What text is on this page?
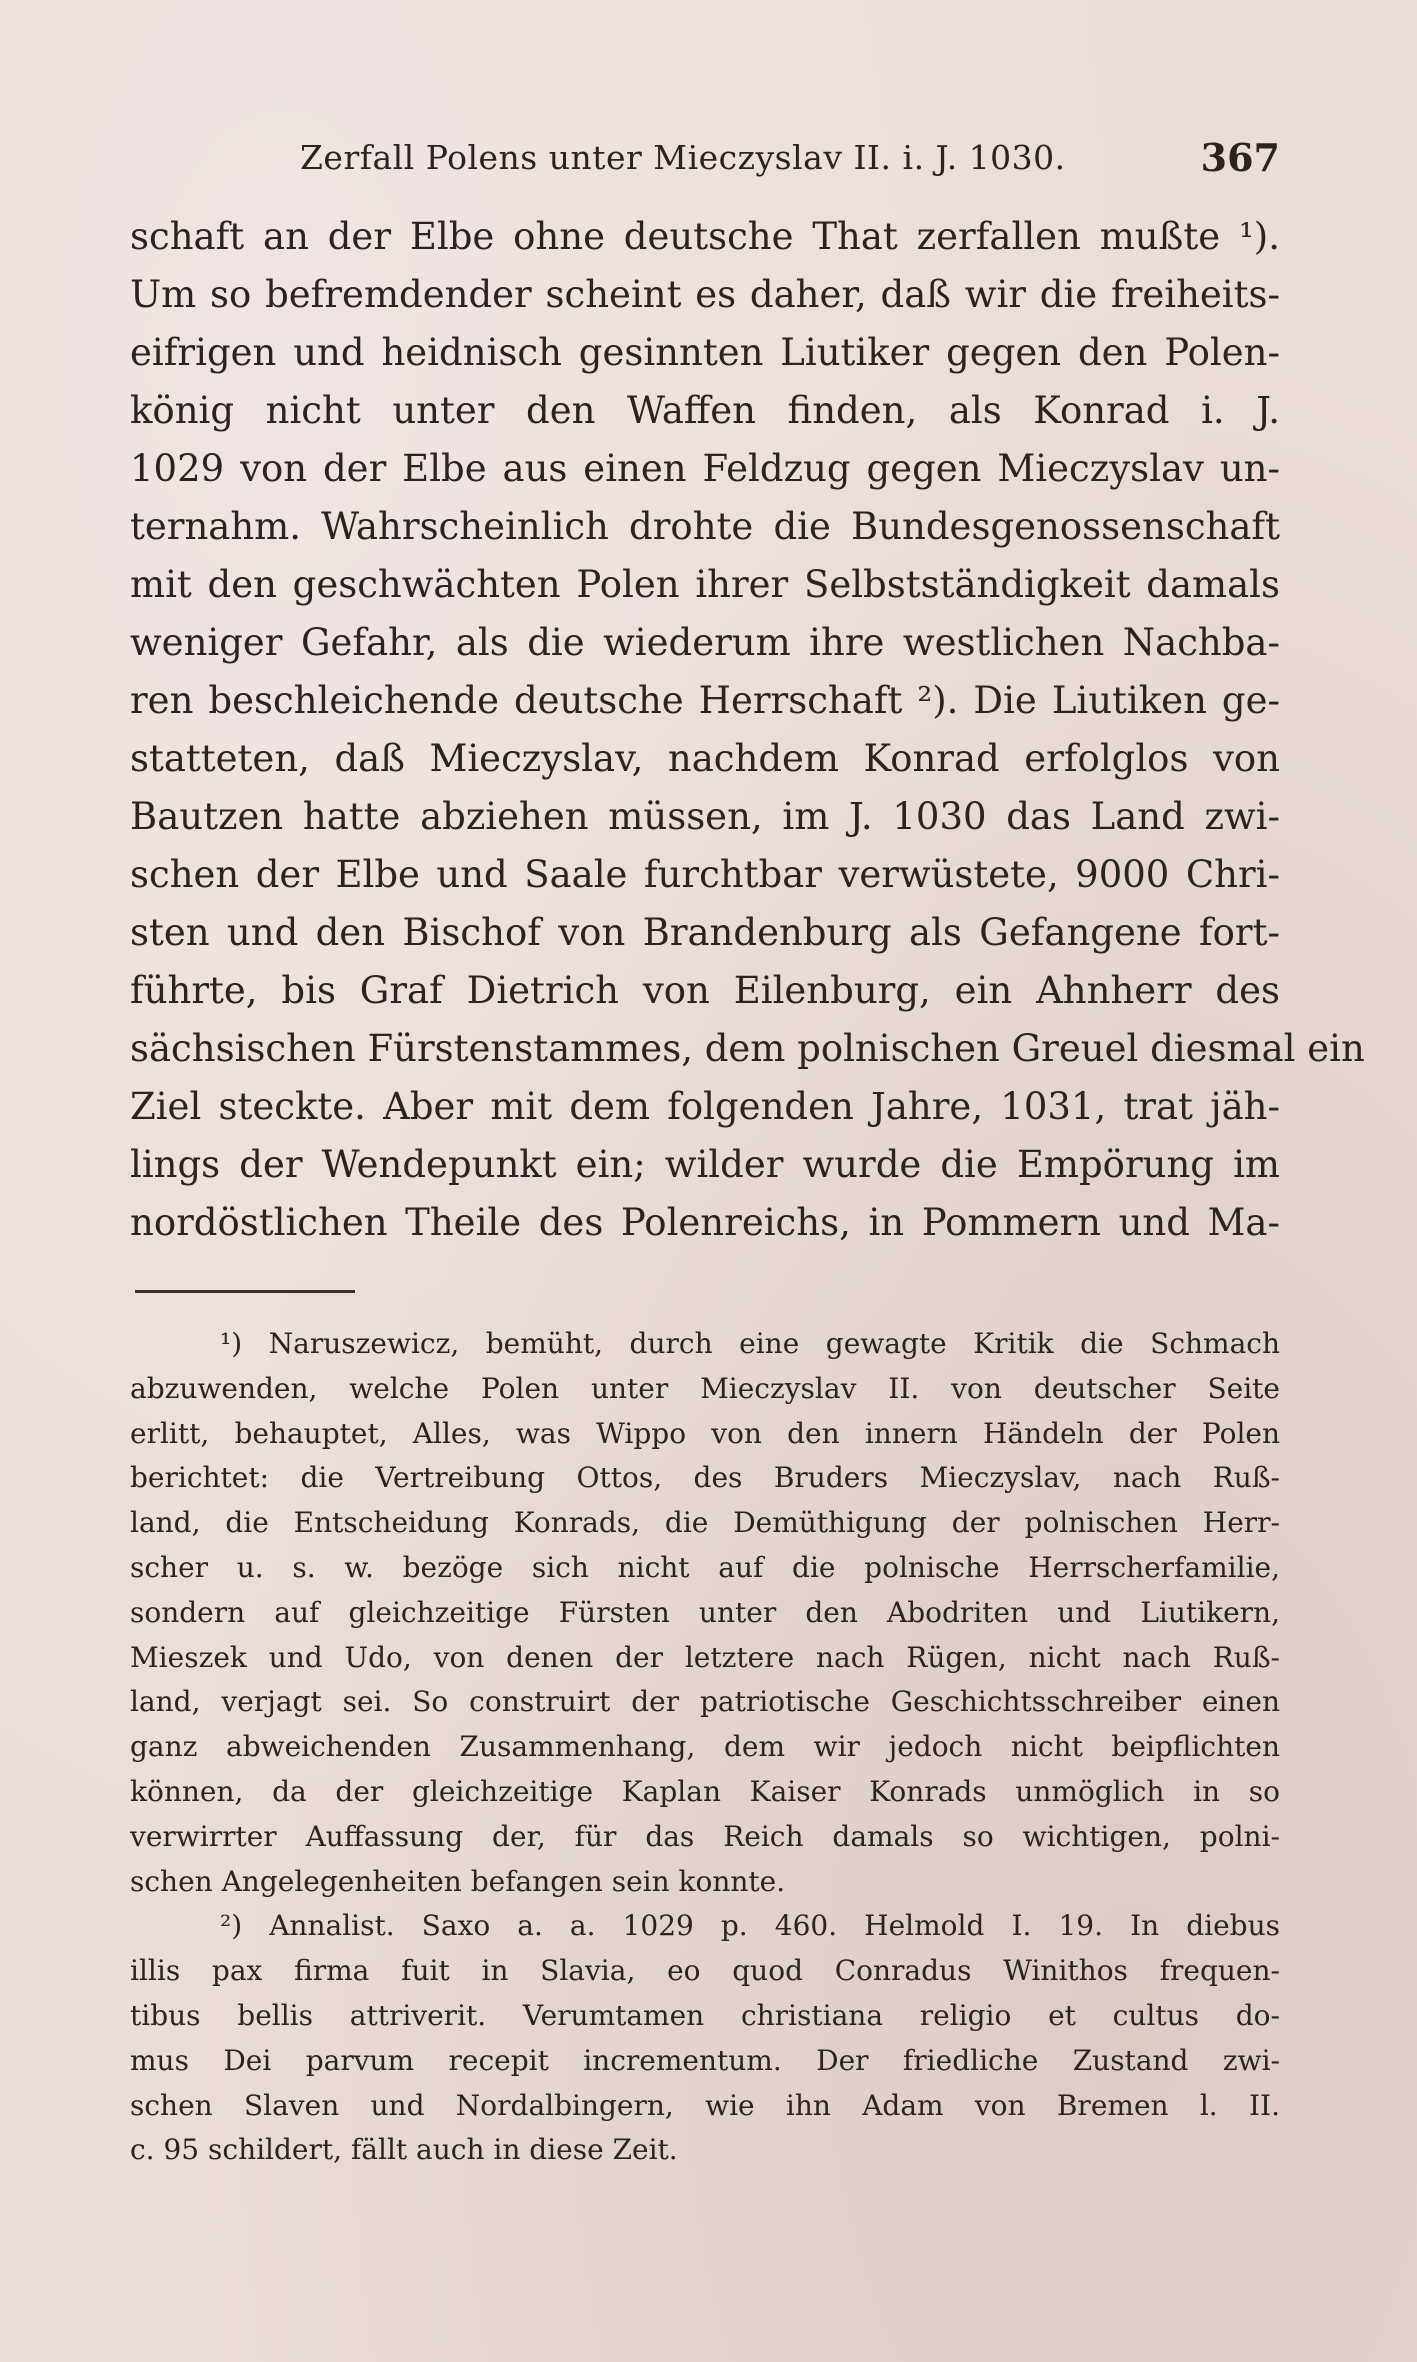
Zerfall Polens unter Mieczyslav II. i. J. 1030.	367
schaft an der Elbe ohne deutsche That zerfallen mußte ¹).
Um so befremdender scheint es daher, daß wir die freiheits-
eifrigen und heidnisch gesinnten Liutiker gegen den Polen-
könig nicht unter den Waffen finden, als Konrad i. J.
1029 von der Elbe aus einen Feldzug gegen Mieczyslav un-
ternahm. Wahrscheinlich drohte die Bundesgenossenschaft
mit den geschwächten Polen ihrer Selbstständigkeit damals
weniger Gefahr, als die wiederum ihre westlichen Nachba-
ren beschleichende deutsche Herrschaft ²). Die Liutiken ge-
statteten, daß Mieczyslav, nachdem Konrad erfolglos von
Bautzen hatte abziehen müssen, im J. 1030 das Land zwi-
schen der Elbe und Saale furchtbar verwüstete, 9000 Chri-
sten und den Bischof von Brandenburg als Gefangene fort-
führte, bis Graf Dietrich von Eilenburg, ein Ahnherr des
sächsischen Fürstenstammes, dem polnischen Greuel diesmal ein
Ziel steckte. Aber mit dem folgenden Jahre, 1031, trat jäh-
lings der Wendepunkt ein; wilder wurde die Empörung im
nordöstlichen Theile des Polenreichs, in Pommern und Ma-
¹) Naruszewicz, bemüht, durch eine gewagte Kritik die Schmach
abzuwenden, welche Polen unter Mieczyslav II. von deutscher Seite
erlitt, behauptet, Alles, was Wippo von den innern Händeln der Polen
berichtet: die Vertreibung Ottos, des Bruders Mieczyslav, nach Ruß-
land, die Entscheidung Konrads, die Demüthigung der polnischen Herr-
scher u. s. w. bezöge sich nicht auf die polnische Herrscherfamilie,
sondern auf gleichzeitige Fürsten unter den Abodriten und Liutikern,
Mieszek und Udo, von denen der letztere nach Rügen, nicht nach Ruß-
land, verjagt sei. So construirt der patriotische Geschichtsschreiber einen
ganz abweichenden Zusammenhang, dem wir jedoch nicht beipflichten
können, da der gleichzeitige Kaplan Kaiser Konrads unmöglich in so
verwirrter Auffassung der, für das Reich damals so wichtigen, polni-
schen Angelegenheiten befangen sein konnte.
²) Annalist. Saxo a. a. 1029 p. 460. Helmold I. 19. In diebus
illis pax firma fuit in Slavia, eo quod Conradus Winithos frequen-
tibus bellis attriverit. Verumtamen christiana religio et cultus do-
mus Dei parvum recepit incrementum. Der friedliche Zustand zwi-
schen Slaven und Nordalbingern, wie ihn Adam von Bremen l. II.
c. 95 schildert, fällt auch in diese Zeit.
